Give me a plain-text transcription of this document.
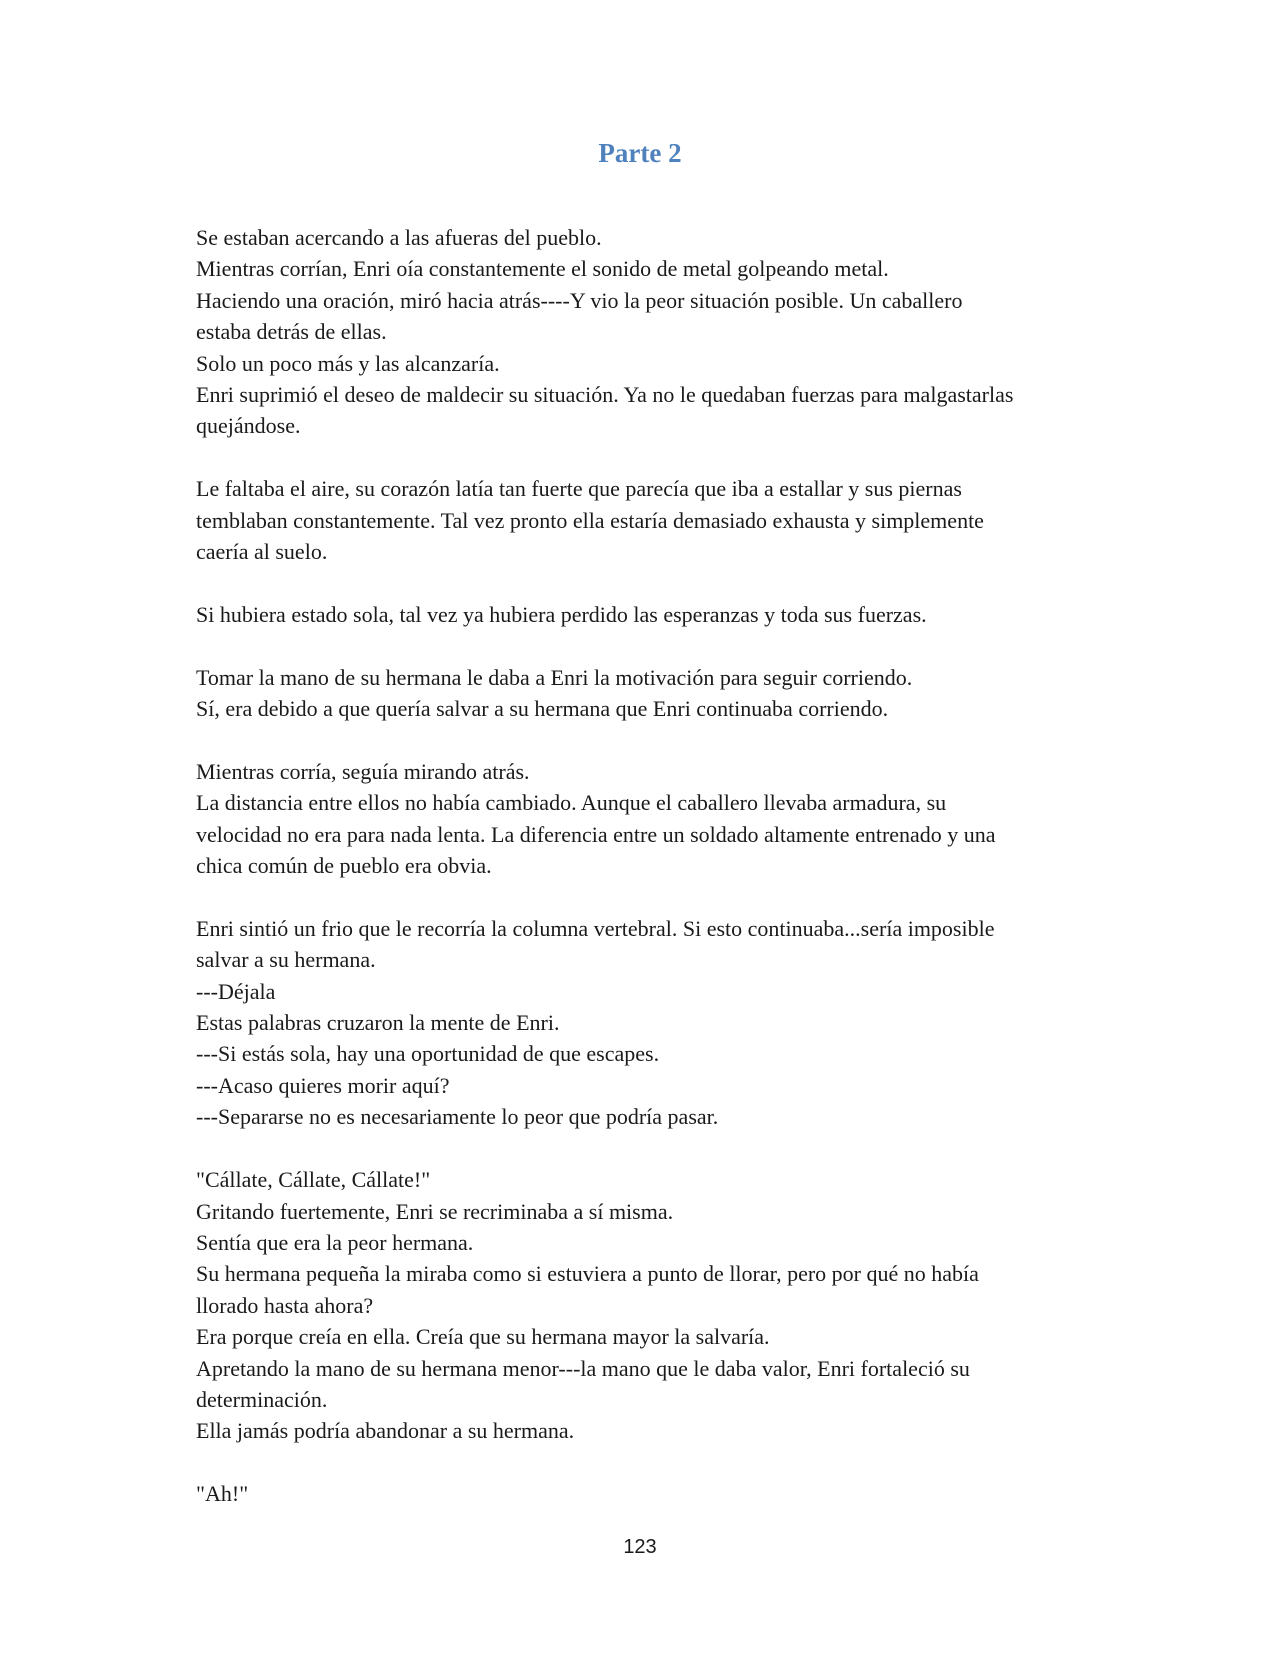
Parte 2

Se estaban acercando a las afueras del pueblo.

Mientras corrían, Enri oía constantemente el sonido de metal golpeando metal.

Haciendo una oración, miró hacia atrás----Y vio la peor situación posible. Un caballero

estaba detrás de ellas.

Solo un poco más y las alcanzaría.

Enri suprimió el deseo de maldecir su situación. Ya no le quedaban fuerzas para malgastarlas

quejándose.

Le faltaba el aire, su corazón latía tan fuerte que parecía que iba a estallar y sus piernas

temblaban constantemente. Tal vez pronto ella estaría demasiado exhausta y simplemente

caería al suelo.

Si hubiera estado sola, tal vez ya hubiera perdido las esperanzas y toda sus fuerzas.

Tomar la mano de su hermana le daba a Enri la motivación para seguir corriendo.

Sí, era debido a que quería salvar a su hermana que Enri continuaba corriendo.

Mientras corría, seguía mirando atrás.

La distancia entre ellos no había cambiado. Aunque el caballero llevaba armadura, su

velocidad no era para nada lenta. La diferencia entre un soldado altamente entrenado y una

chica común de pueblo era obvia.

Enri sintió un frio que le recorría la columna vertebral. Si esto continuaba...sería imposible

salvar a su hermana.

---Déjala

Estas palabras cruzaron la mente de Enri.

---Si estás sola, hay una oportunidad de que escapes.

---Acaso quieres morir aquí?

---Separarse no es necesariamente lo peor que podría pasar.

"Cállate, Cállate, Cállate!"

Gritando fuertemente, Enri se recriminaba a sí misma.

Sentía que era la peor hermana.

Su hermana pequeña la miraba como si estuviera a punto de llorar, pero por qué no había

llorado hasta ahora?

Era porque creía en ella. Creía que su hermana mayor la salvaría.

Apretando la mano de su hermana menor---la mano que le daba valor, Enri fortaleció su

determinación.

Ella jamás podría abandonar a su hermana.

"Ah!"

123
